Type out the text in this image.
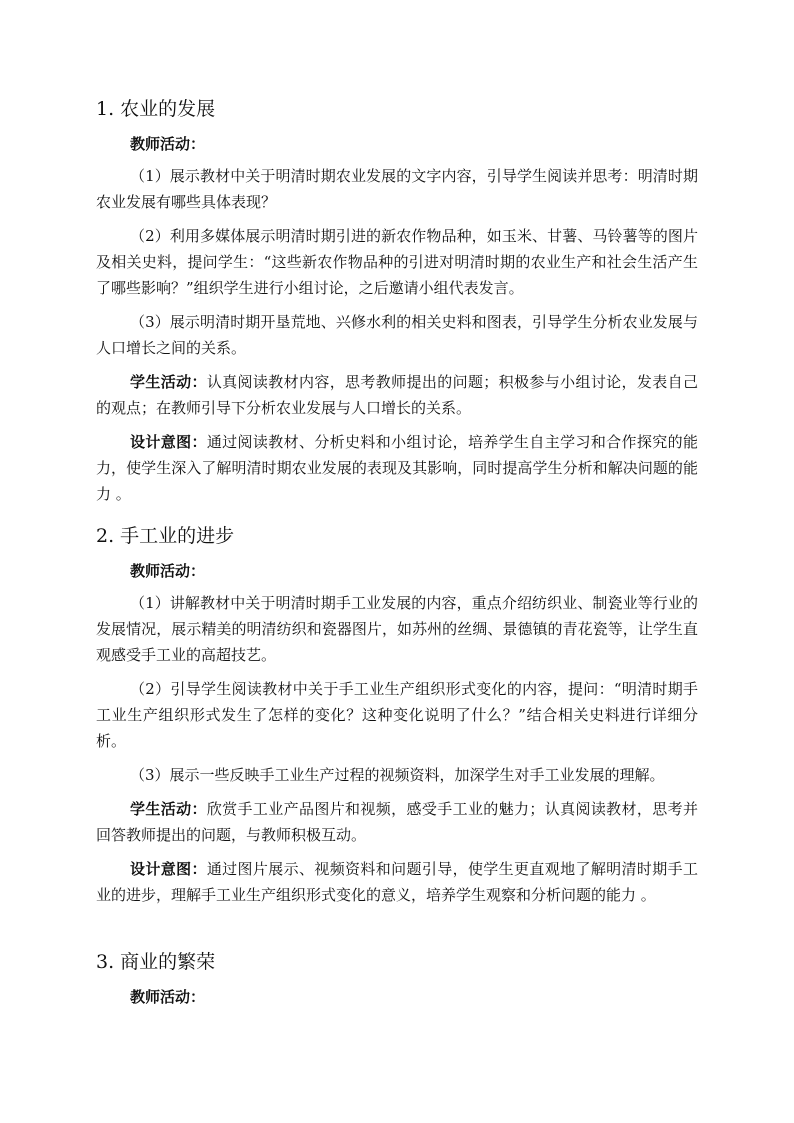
1. 农业的发展

教师活动：

（1）展示教材中关于明清时期农业发展的文字内容，引导学生阅读并思考：明清时期农业发展有哪些具体表现？

（2）利用多媒体展示明清时期引进的新农作物品种，如玉米、甘薯、马铃薯等的图片及相关史料，提问学生：“这些新农作物品种的引进对明清时期的农业生产和社会生活产生了哪些影响？”组织学生进行小组讨论，之后邀请小组代表发言。

（3）展示明清时期开垦荒地、兴修水利的相关史料和图表，引导学生分析农业发展与人口增长之间的关系。

学生活动：认真阅读教材内容，思考教师提出的问题；积极参与小组讨论，发表自己的观点；在教师引导下分析农业发展与人口增长的关系。

设计意图：通过阅读教材、分析史料和小组讨论，培养学生自主学习和合作探究的能力，使学生深入了解明清时期农业发展的表现及其影响，同时提高学生分析和解决问题的能力 。

2. 手工业的进步

教师活动：

（1）讲解教材中关于明清时期手工业发展的内容，重点介绍纺织业、制瓷业等行业的发展情况，展示精美的明清纺织和瓷器图片，如苏州的丝绸、景德镇的青花瓷等，让学生直观感受手工业的高超技艺。

（2）引导学生阅读教材中关于手工业生产组织形式变化的内容，提问：“明清时期手工业生产组织形式发生了怎样的变化？这种变化说明了什么？”结合相关史料进行详细分析。

（3）展示一些反映手工业生产过程的视频资料，加深学生对手工业发展的理解。

学生活动：欣赏手工业产品图片和视频，感受手工业的魅力；认真阅读教材，思考并回答教师提出的问题，与教师积极互动。

设计意图：通过图片展示、视频资料和问题引导，使学生更直观地了解明清时期手工业的进步，理解手工业生产组织形式变化的意义，培养学生观察和分析问题的能力 。

3. 商业的繁荣

教师活动：
